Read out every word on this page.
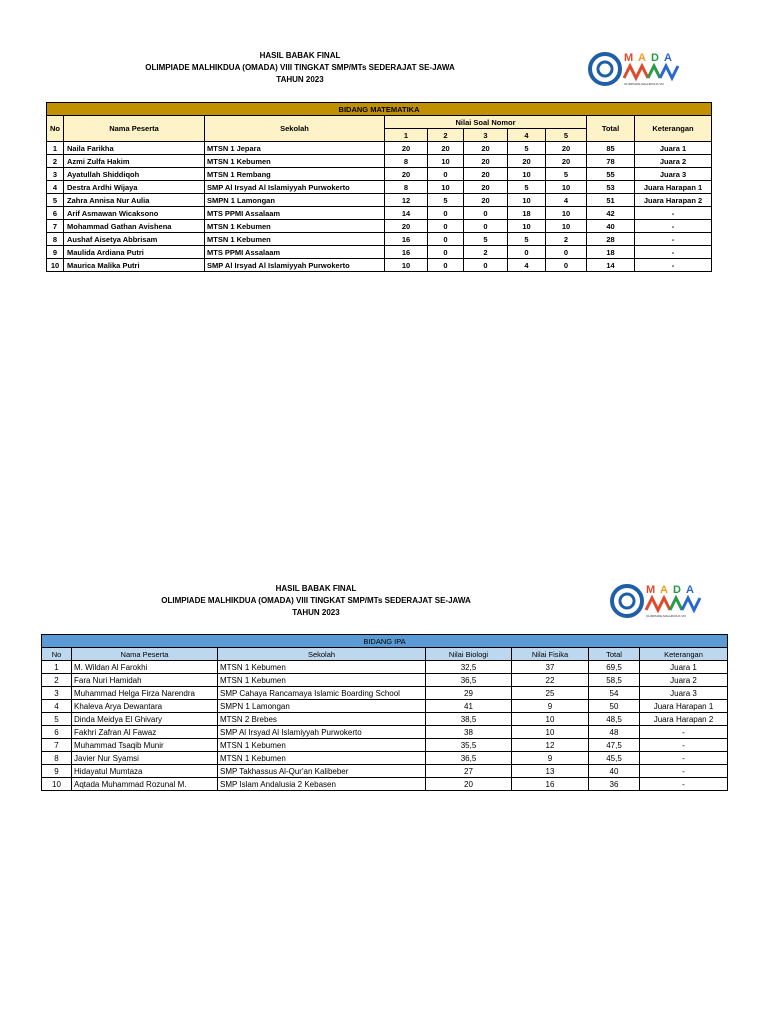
HASIL BABAK FINAL
OLIMPIADE MALHIKDUA (OMADA) VIII TINGKAT SMP/MTs SEDERAJAT SE-JAWA
TAHUN 2023
M A D A
OLIMPIADE MALHIKDUA VIII
BIDANG MATEMATIKA									
No	Nama Peserta	Sekolah	Nilai Soal Nomor					Total	Keterangan
			1	2	3	4	5		
1	Naila Farikha	MTSN 1 Jepara	20	20	20	5	20	85	Juara 1
2	Azmi Zulfa Hakim	MTSN 1 Kebumen	8	10	20	20	20	78	Juara 2
3	Ayatullah Shiddiqoh	MTSN 1 Rembang	20	0	20	10	5	55	Juara 3
4	Destra Ardhi Wijaya	SMP Al Irsyad Al Islamiyyah Purwokerto	8	10	20	5	10	53	Juara Harapan 1
5	Zahra Annisa Nur Aulia	SMPN 1 Lamongan	12	5	20	10	4	51	Juara Harapan 2
6	Arif Asmawan Wicaksono	MTS PPMI Assalaam	14	0	0	18	10	42	-
7	Mohammad Gathan Avishena	MTSN 1 Kebumen	20	0	0	10	10	40	-
8	Aushaf Aisetya Abbrisam	MTSN 1 Kebumen	16	0	5	5	2	28	-
9	Maulida Ardiana Putri	MTS PPMI Assalaam	16	0	2	0	0	18	-
10	Maurica Malika Putri	SMP Al Irsyad Al Islamiyyah Purwokerto	10	0	0	4	0	14	-
HASIL BABAK FINAL
OLIMPIADE MALHIKDUA (OMADA) VIII TINGKAT SMP/MTs SEDERAJAT SE-JAWA
TAHUN 2023
M A D A
OLIMPIADE MALHIKDUA VIII
BIDANG IPA						
No	Nama Peserta	Sekolah	Nilai Biologi	Nilai Fisika	Total	Keterangan
1	M. Wildan Al Farokhi	MTSN 1 Kebumen	32,5	37	69,5	Juara 1
2	Fara Nuri Hamidah	MTSN 1 Kebumen	36,5	22	58,5	Juara 2
3	Muhammad Helga Firza Narendra	SMP Cahaya Rancamaya Islamic Boarding School	29	25	54	Juara 3
4	Khaleva Arya Dewantara	SMPN 1 Lamongan	41	9	50	Juara Harapan 1
5	Dinda Meidya El Ghivary	MTSN 2 Brebes	38,5	10	48,5	Juara Harapan 2
6	Fakhri Zafran Al Fawaz	SMP Al Irsyad Al Islamiyyah Purwokerto	38	10	48	-
7	Muhammad Tsaqib Munir	MTSN 1 Kebumen	35,5	12	47,5	-
8	Javier Nur Syamsi	MTSN 1 Kebumen	36,5	9	45,5	-
9	Hidayatul Mumtaza	SMP Takhassus Al-Qur'an Kalibeber	27	13	40	-
10	Aqtada Muhammad Rozunal M.	SMP Islam Andalusia 2 Kebasen	20	16	36	-
